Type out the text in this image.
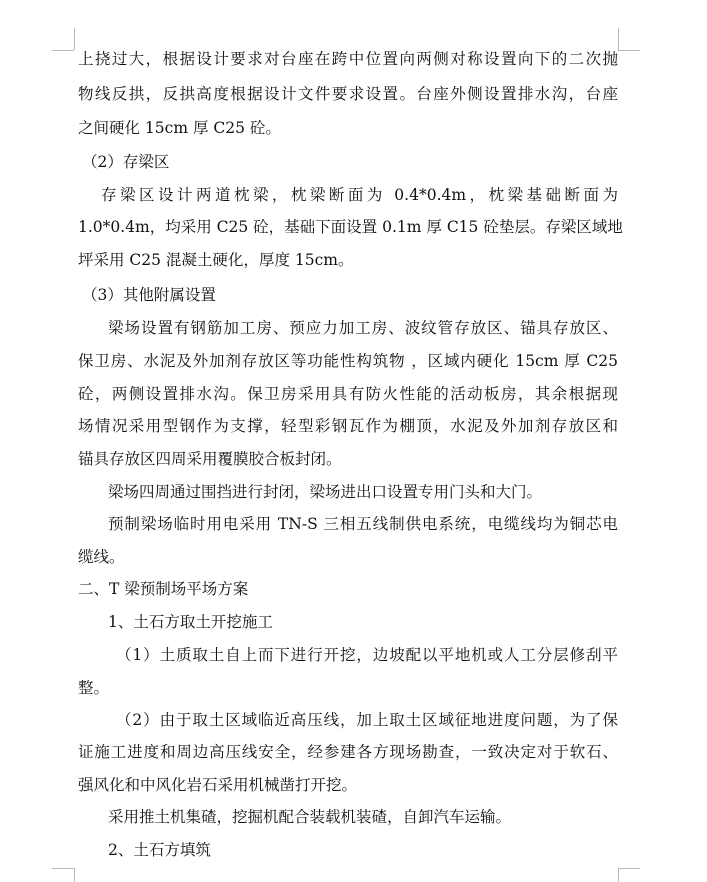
上挠过大，根据设计要求对台座在跨中位置向两侧对称设置向下的二次抛
物线反拱，反拱高度根据设计文件要求设置。台座外侧设置排水沟，台座
之间硬化 15cm 厚 C25 砼。
（2）存梁区
存梁区设计两道枕梁，枕梁断面为 0.4*0.4m，枕梁基础断面为
1.0*0.4m，均采用 C25 砼，基础下面设置 0.1m 厚 C15 砼垫层。存梁区域地
坪采用 C25 混凝土硬化，厚度 15cm。
（3）其他附属设置
梁场设置有钢筋加工房、预应力加工房、波纹管存放区、锚具存放区、
保卫房、水泥及外加剂存放区等功能性构筑物 ，区域内硬化 15cm 厚 C25
砼，两侧设置排水沟。保卫房采用具有防火性能的活动板房，其余根据现
场情况采用型钢作为支撑，轻型彩钢瓦作为棚顶，水泥及外加剂存放区和
锚具存放区四周采用覆膜胶合板封闭。
梁场四周通过围挡进行封闭，梁场进出口设置专用门头和大门。
预制梁场临时用电采用 TN-S 三相五线制供电系统，电缆线均为铜芯电
缆线。
二、T 梁预制场平场方案
1、土石方取土开挖施工
（1）土质取土自上而下进行开挖，边坡配以平地机或人工分层修刮平
整。
（2）由于取土区域临近高压线，加上取土区域征地进度问题，为了保
证施工进度和周边高压线安全，经参建各方现场勘查，一致决定对于软石、
强风化和中风化岩石采用机械凿打开挖。
采用推土机集碴，挖掘机配合装载机装碴，自卸汽车运输。
2、土石方填筑
